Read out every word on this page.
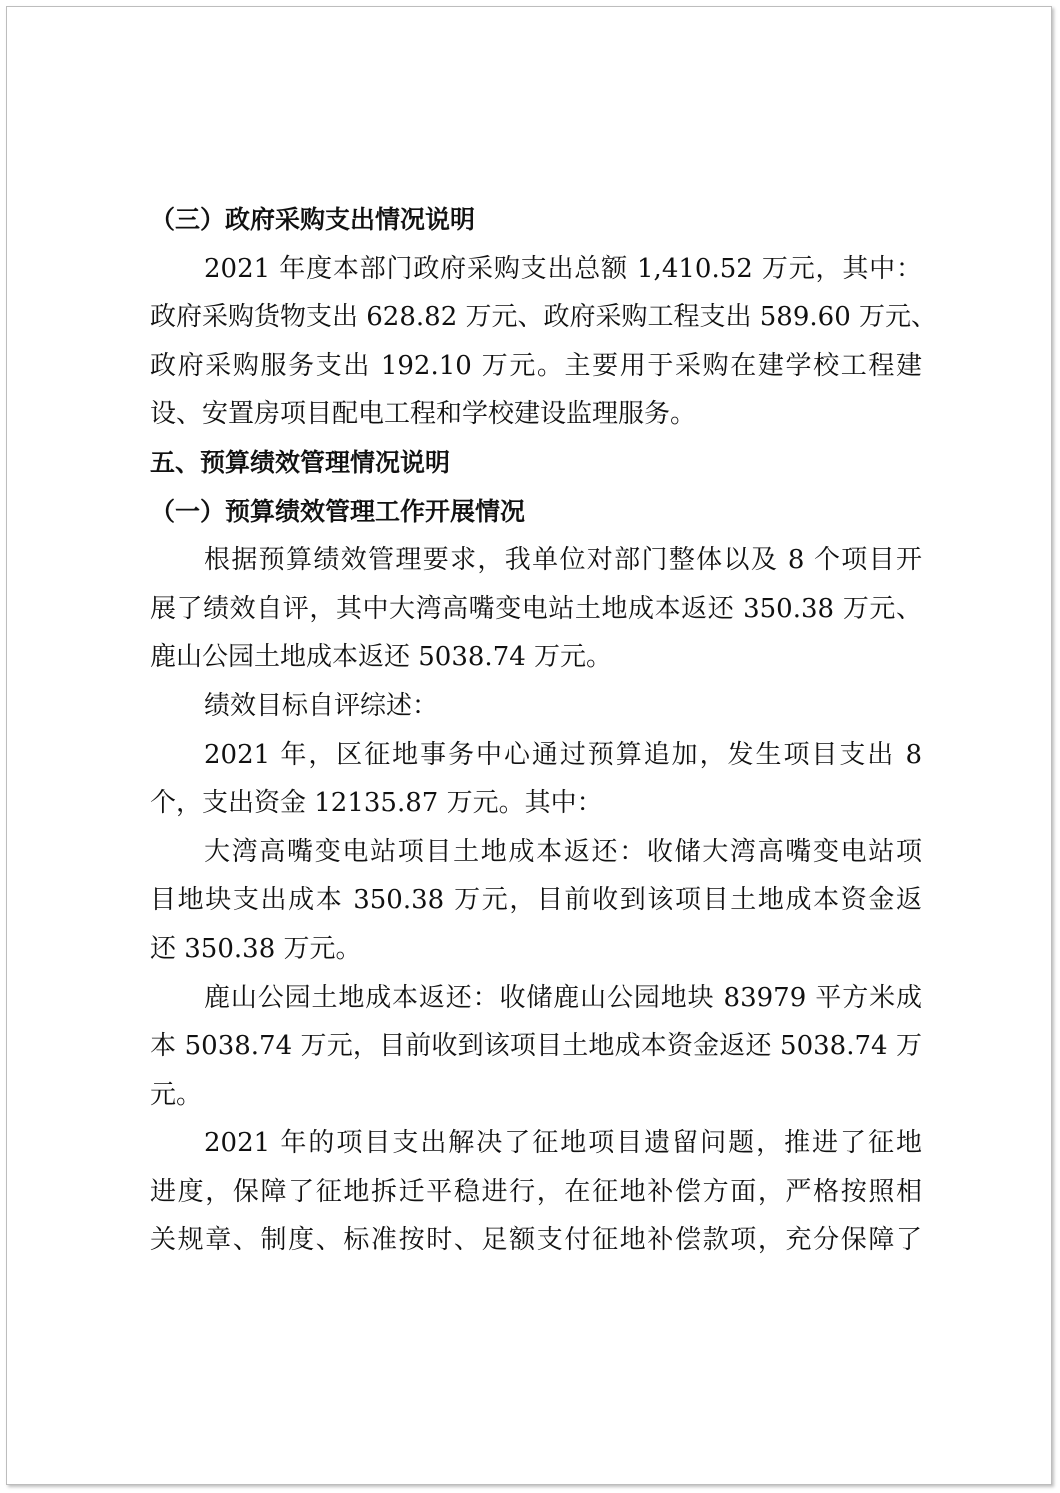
（三）政府采购支出情况说明
2021 年度本部门政府采购支出总额 1,410.52 万元，其中：
政府采购货物支出 628.82 万元、政府采购工程支出 589.60 万元、
政府采购服务支出 192.10 万元。主要用于采购在建学校工程建
设、安置房项目配电工程和学校建设监理服务。
五、预算绩效管理情况说明
（一）预算绩效管理工作开展情况
根据预算绩效管理要求，我单位对部门整体以及 8 个项目开
展了绩效自评，其中大湾高嘴变电站土地成本返还 350.38 万元、
鹿山公园土地成本返还 5038.74 万元。
绩效目标自评综述：
2021 年，区征地事务中心通过预算追加，发生项目支出 8
个，支出资金 12135.87 万元。其中：
大湾高嘴变电站项目土地成本返还：收储大湾高嘴变电站项
目地块支出成本 350.38 万元，目前收到该项目土地成本资金返
还 350.38 万元。
鹿山公园土地成本返还：收储鹿山公园地块 83979 平方米成
本 5038.74 万元，目前收到该项目土地成本资金返还 5038.74 万
元。
2021 年的项目支出解决了征地项目遗留问题，推进了征地
进度，保障了征地拆迁平稳进行，在征地补偿方面，严格按照相
关规章、制度、标准按时、足额支付征地补偿款项，充分保障了
